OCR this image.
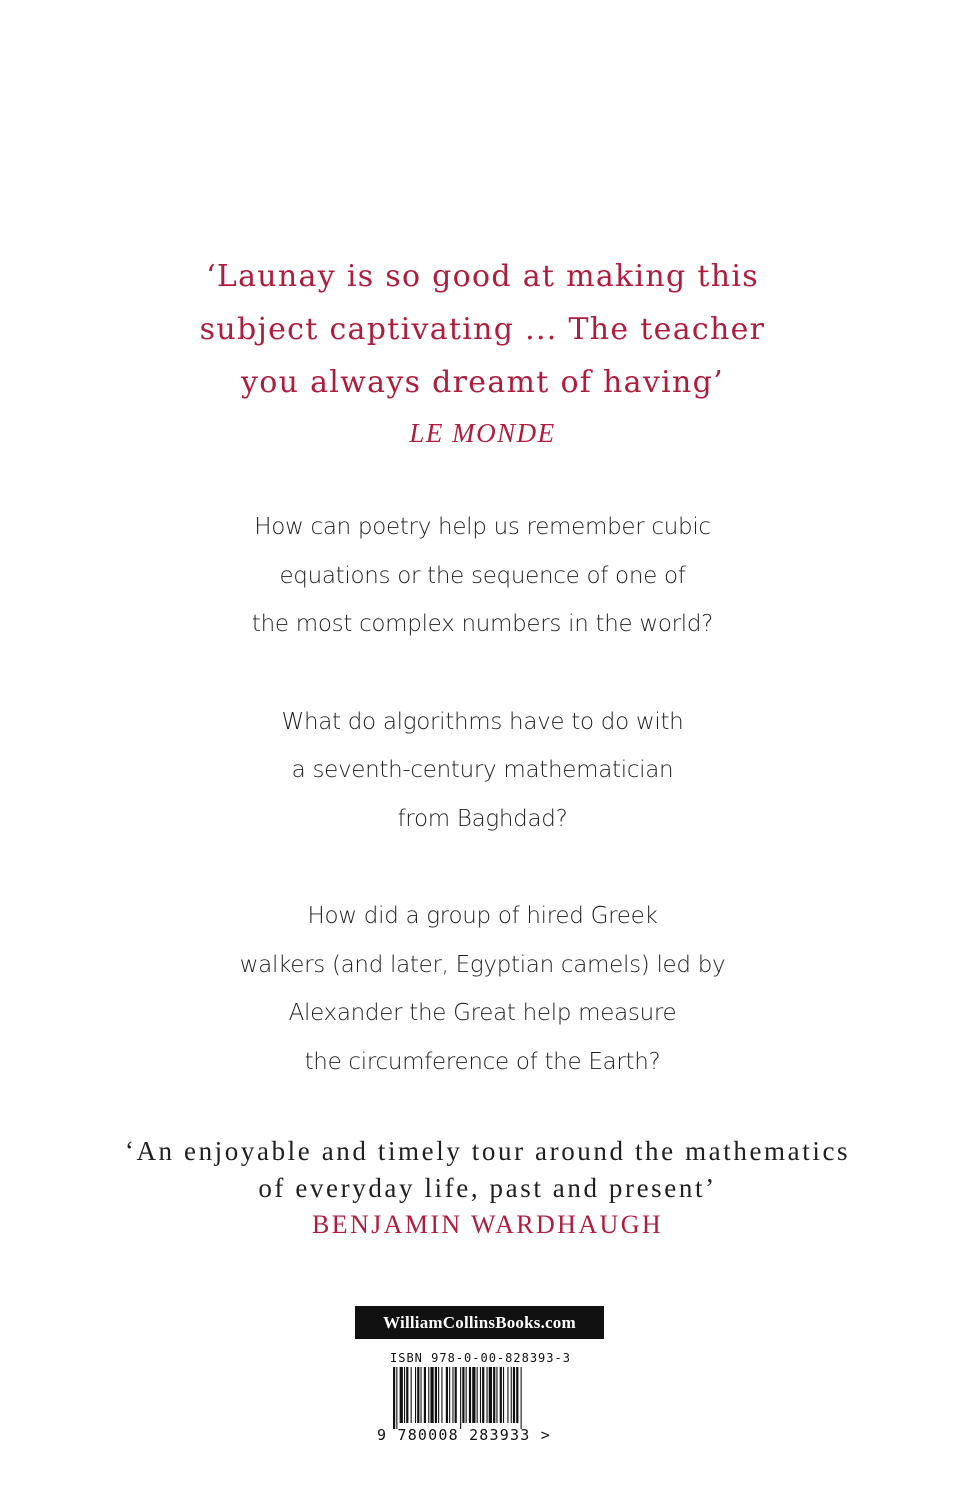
‘Launay is so good at making this
subject captivating ... The teacher
you always dreamt of having’
LE MONDE
How can poetry help us remember cubic
equations or the sequence of one of
the most complex numbers in the world?
What do algorithms have to do with
a seventh-century mathematician
from Baghdad?
How did a group of hired Greek
walkers (and later, Egyptian camels) led by
Alexander the Great help measure
the circumference of the Earth?
‘An enjoyable and timely tour around the mathematics
of everyday life, past and present’
BENJAMIN WARDHAUGH
WilliamCollinsBooks.com
ISBN 978-0-00-828393-3
9 780008 283933 >
